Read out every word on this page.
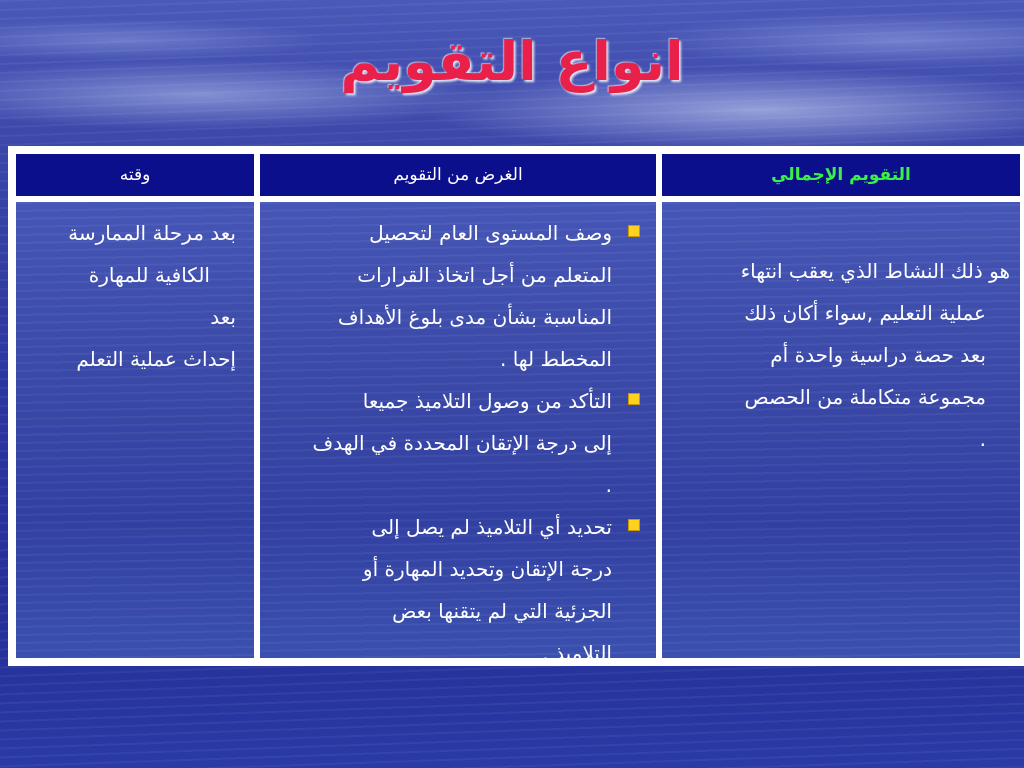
انواع التقويم
التقويم الإجمالي
الغرض من التقويم
وقته
هو ذلك النشاط الذي يعقب انتهاء
عملية التعليم ,سواء أكان ذلك
بعد حصة دراسية واحدة أم
مجموعة متكاملة من الحصص
.
وصف المستوى العام لتحصيل
المتعلم من أجل اتخاذ القرارات
المناسبة بشأن مدى بلوغ الأهداف
المخطط لها .
التأكد من وصول التلاميذ جميعا
إلى درجة الإتقان المحددة في الهدف
.
تحديد أي التلاميذ لم يصل إلى
درجة الإتقان وتحديد المهارة أو
الجزئية التي لم يتقنها بعض
التلاميذ .
بعد مرحلة الممارسة
الكافية للمهارة
بعد
إحداث عملية التعلم
